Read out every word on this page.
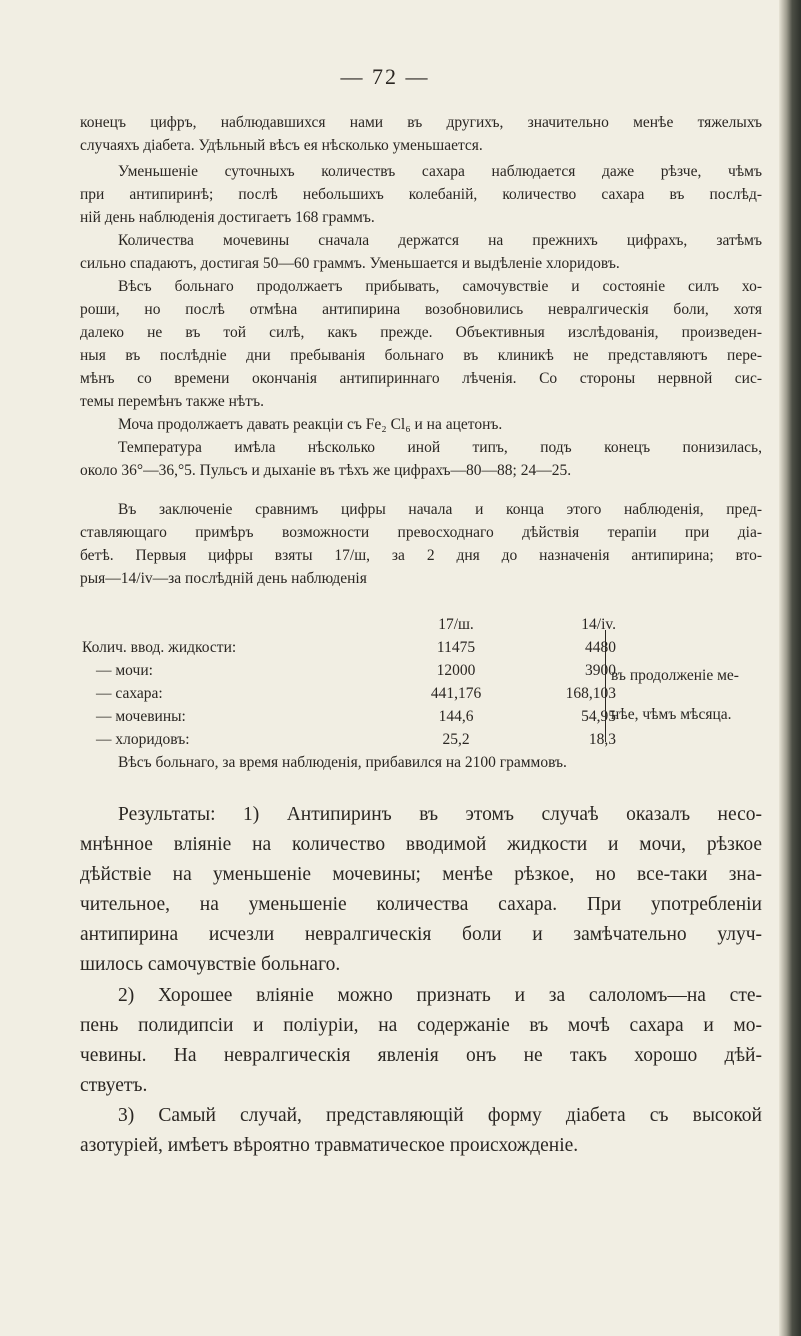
— 72 —
конецъ цифръ, наблюдавшихся нами въ другихъ, значительно менѣе тяжелыхъ
случаяхъ діабета. Удѣльный вѣсъ ея нѣсколько уменьшается.
Уменьшеніе суточныхъ количествъ сахара наблюдается даже рѣзче, чѣмъ
при антипиринѣ; послѣ небольшихъ колебаній, количество сахара въ послѣд-
ній день наблюденія достигаетъ 168 граммъ.
Количества мочевины сначала держатся на прежнихъ цифрахъ, затѣмъ
сильно спадаютъ, достигая 50—60 граммъ. Уменьшается и выдѣленіе хлоридовъ.
Вѣсъ больнаго продолжаетъ прибывать, самочувствіе и состояніе силъ хо-
роши, но послѣ отмѣна антипирина возобновились невралгическія боли, хотя
далеко не въ той силѣ, какъ прежде. Объективныя изслѣдованія, произведен-
ныя въ послѣдніе дни пребыванія больнаго въ клиникѣ не представляютъ пере-
мѣнъ со времени окончанія антипириннаго лѣченія. Со стороны нервной сис-
темы перемѣнъ также нѣтъ.
Моча продолжаетъ давать реакціи съ Fe₂ Cl₆ и на ацетонъ.
Температура имѣла нѣсколько иной типъ, подъ конецъ понизилась,
около 36°—36,°5. Пульсъ и дыханіе въ тѣхъ же цифрахъ—80—88; 24—25.
Въ заключеніе сравнимъ цифры начала и конца этого наблюденія, пред-
ставляющаго примѣръ возможности превосходнаго дѣйствія терапіи при діа-
бетѣ. Первыя цифры взяты 17/ш, за 2 дня до назначенія антипирина; вто-
рыя—14/iv—за послѣдній день наблюденія
	17/ш.	14/iv.
Колич. ввод. жидкости:	11475	4480
— мочи:	12000	3900
— сахара:	441,176	168,103
— мочевины:	144,6	54,95
— хлоридовъ:	25,2	18,3
въ продолженіе ме-
нѣе, чѣмъ мѣсяца.
Вѣсъ больнаго, за время наблюденія, прибавился на 2100 граммовъ.
Результаты: 1) Антипиринъ въ этомъ случаѣ оказалъ несо-
мнѣнное вліяніе на количество вводимой жидкости и мочи, рѣзкое
дѣйствіе на уменьшеніе мочевины; менѣе рѣзкое, но все-таки зна-
чительное, на уменьшеніе количества сахара. При употребленіи
антипирина исчезли невралгическія боли и замѣчательно улуч-
шилось самочувствіе больнаго.
2) Хорошее вліяніе можно признать и за салоломъ—на сте-
пень полидипсіи и поліуріи, на содержаніе въ мочѣ сахара и мо-
чевины. На невралгическія явленія онъ не такъ хорошо дѣй-
ствуетъ.
3) Самый случай, представляющій форму діабета съ высокой
азотуріей, имѣетъ вѣроятно травматическое происхожденіе.
